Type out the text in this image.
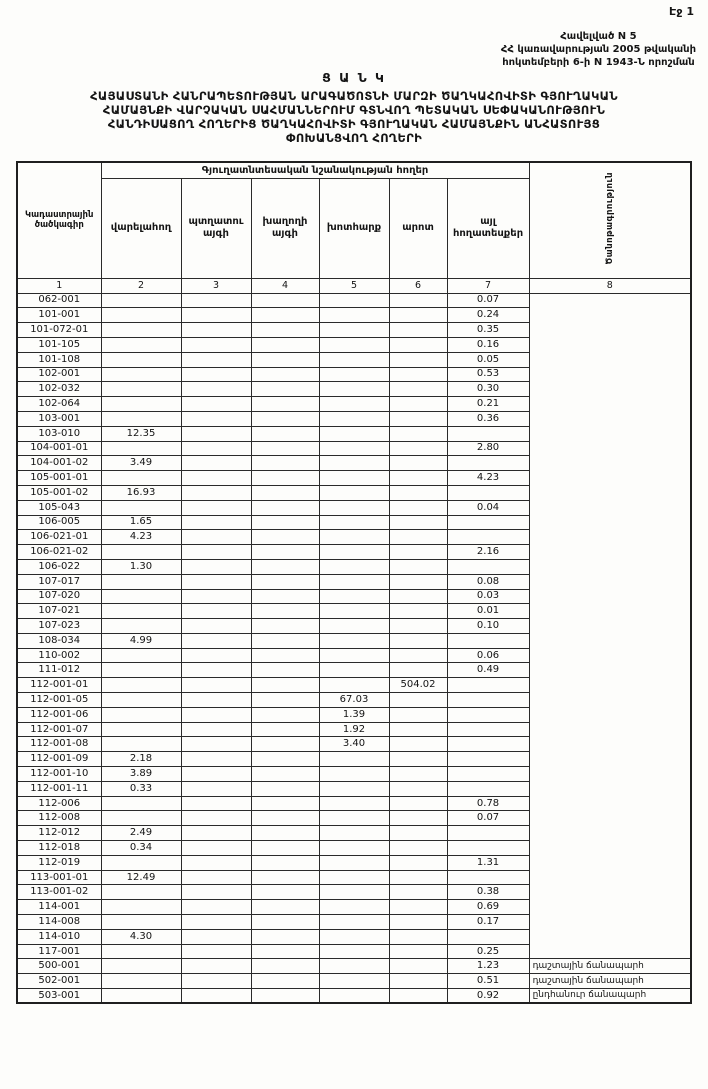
Էջ 1
Հավելված N 5
ՀՀ կառավարության 2005 թվականի
հոկտեմբերի 6-ի N 1943-Ն որոշման
Ց Ա Ն Կ
ՀԱՅԱՍՏԱՆԻ ՀԱՆՐԱՊԵՏՈՒԹՅԱՆ ԱՐԱԳԱԾՈՏՆԻ ՄԱՐԶԻ ԾԱՂԿԱՀՈՎԻՏԻ ԳՅՈՒՂԱԿԱՆ
ՀԱՄԱՅՆՔԻ ՎԱՐՉԱԿԱՆ ՍԱՀՄԱՆՆԵՐՈՒՄ ԳՏՆՎՈՂ ՊԵՏԱԿԱՆ ՍԵՓԱԿԱՆՈՒԹՅՈՒՆ
ՀԱՆԴԻՍԱՑՈՂ ՀՈՂԵՐԻՑ ԾԱՂԿԱՀՈՎԻՏԻ ԳՅՈՒՂԱԿԱՆ ՀԱՄԱՅՆՔԻՆ ԱՆՀԱՏՈՒՅՑ
ՓՈԽԱՆՑՎՈՂ ՀՈՂԵՐԻ
Կադաստրային ծածկագիր	Գյուղատնտեսական նշանակության հողեր						Ծանոթագրություն
	վարելահող	պտղատու այգի	խաղողի այգի	խոտհարք	արոտ	այլ հողատեսքեր	
1	2	3	4	5	6	7	8
062-001						0.07	
101-001						0.24	
101-072-01						0.35	
101-105						0.16	
101-108						0.05	
102-001						0.53	
102-032						0.30	
102-064						0.21	
103-001						0.36	
103-010	12.35						
104-001-01						2.80	
104-001-02	3.49						
105-001-01						4.23	
105-001-02	16.93						
105-043						0.04	
106-005	1.65						
106-021-01	4.23						
106-021-02						2.16	
106-022	1.30						
107-017						0.08	
107-020						0.03	
107-021						0.01	
107-023						0.10	
108-034	4.99						
110-002						0.06	
111-012						0.49	
112-001-01					504.02		
112-001-05				67.03			
112-001-06				1.39			
112-001-07				1.92			
112-001-08				3.40			
112-001-09	2.18						
112-001-10	3.89						
112-001-11	0.33						
112-006						0.78	
112-008						0.07	
112-012	2.49						
112-018	0.34						
112-019						1.31	
113-001-01	12.49						
113-001-02						0.38	
114-001						0.69	
114-008						0.17	
114-010	4.30						
117-001						0.25	
500-001						1.23	դաշտային ճանապարհ
502-001						0.51	դաշտային ճանապարհ
503-001						0.92	ընդհանուր ճանապարհ
